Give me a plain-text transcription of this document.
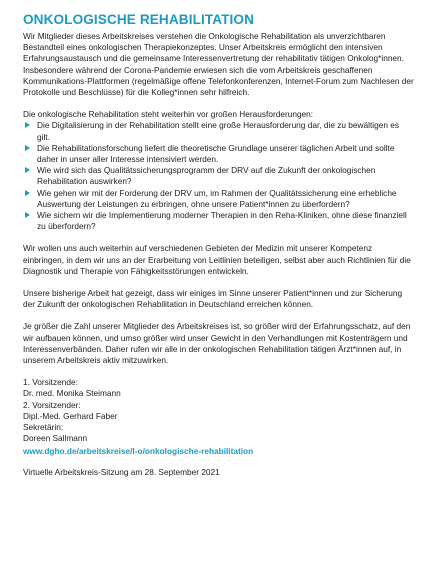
ONKOLOGISCHE REHABILITATION

Wir Mitglieder dieses Arbeitskreises verstehen die Onkologische Rehabilitation als unverzichtbaren Bestandteil eines onkologischen Therapiekonzeptes. Unser Arbeitskreis ermöglicht den intensiven Erfahrungsaustausch und die gemeinsame Interessenvertretung der rehabilitativ tätigen Onkolog*innen.

Insbesondere während der Corona-Pandemie erwiesen sich die vom Arbeitskreis geschaffenen Kommunikations-Plattformen (regelmäßige offene Telefonkonferenzen, Internet-Forum zum Nachlesen der Protokolle und Beschlüsse) für die Kolleg*innen sehr hilfreich.

Die onkologische Rehabilitation steht weiterhin vor großen Herausforderungen:

Die Digitalisierung in der Rehabilitation stellt eine große Herausforderung dar, die zu bewältigen es gilt.
Die Rehabilitationsforschung liefert die theoretische Grundlage unserer täglichen Arbeit und sollte daher in unser aller Interesse intensiviert werden.
Wie wird sich das Qualitätssicherungsprogramm der DRV auf die Zukunft der onkologischen Rehabilitation auswirken?
Wie gehen wir mit der Forderung der DRV um, im Rahmen der Qualitätssicherung eine erhebliche Auswertung der Leistungen zu erbringen, ohne unsere Patient*innen zu überfordern?
Wie sichern wir die Implementierung moderner Therapien in den Reha-Kliniken, ohne diese finanziell zu überfordern?

Wir wollen uns auch weiterhin auf verschiedenen Gebieten der Medizin mit unserer Kompetenz einbringen, in dem wir uns an der Erarbeitung von Leitlinien beteiligen, selbst aber auch Richtlinien für die Diagnostik und Therapie von Fähigkeitsstörungen entwickeln.

Unsere bisherige Arbeit hat gezeigt, dass wir einiges im Sinne unserer Patient*innen und zur Sicherung der Zukunft der onkologischen Rehabilitation in Deutschland erreichen können.

Je größer die Zahl unserer Mitglieder des Arbeitskreises ist, so größer wird der Erfahrungsschatz, auf den wir aufbauen können, und umso größer wird unser Gewicht in den Verhandlungen mit Kostenträgern und Interessenverbänden. Daher rufen wir alle in der onkologischen Rehabilitation tätigen Ärzt*innen auf, in unserem Arbeitskreis aktiv mitzuwirken.

1. Vorsitzende:
Dr. med. Monika Steimann
2. Vorsitzender:
Dipl.-Med. Gerhard Faber
Sekretärin:
Doreen Sallmann
www.dgho.de/arbeitskreise/l-o/onkologische-rehabilitation

Virtuelle Arbeitskreis-Sitzung am 28. September 2021
